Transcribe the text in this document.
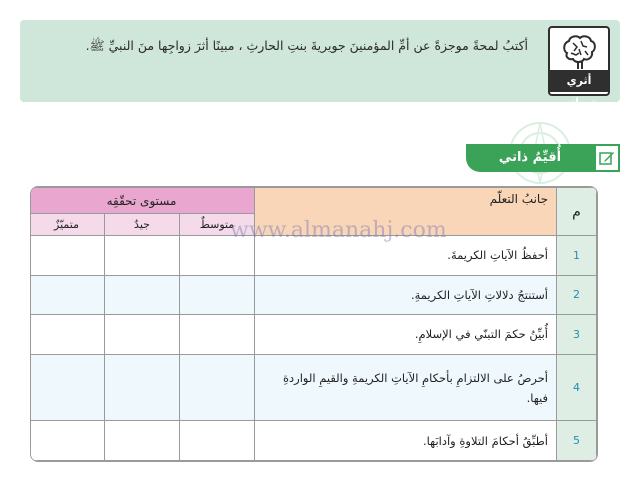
أثري خبراتي
أكتبُ لمحةً موجزةً عن أمِّ المؤمنينَ جويريةَ بنتِ الحارثِ ، مبينًا أثرَ زواجِها منَ النبيِّ ﷺ.
أُقيِّمُ ذاتي
م	جانبُ التعلّم	مستوى تحقّقِه		
		متوسطٌ	جيدٌ	متميّزٌ
1	أحفظُ الآياتِ الكريمةَ.			
2	أستنتجُ دلالاتِ الآياتِ الكريمةِ.			
3	أُبيِّنُ حكمَ التبنّي في الإسلامِ.			
4	أحرصُ على الالتزامِ بأحكامِ الآياتِ الكريمةِ والقيمِ الواردةِ فيها.			
5	أطبِّقُ أحكامَ التلاوةِ وآدابَها.			
www.almanahj.com
